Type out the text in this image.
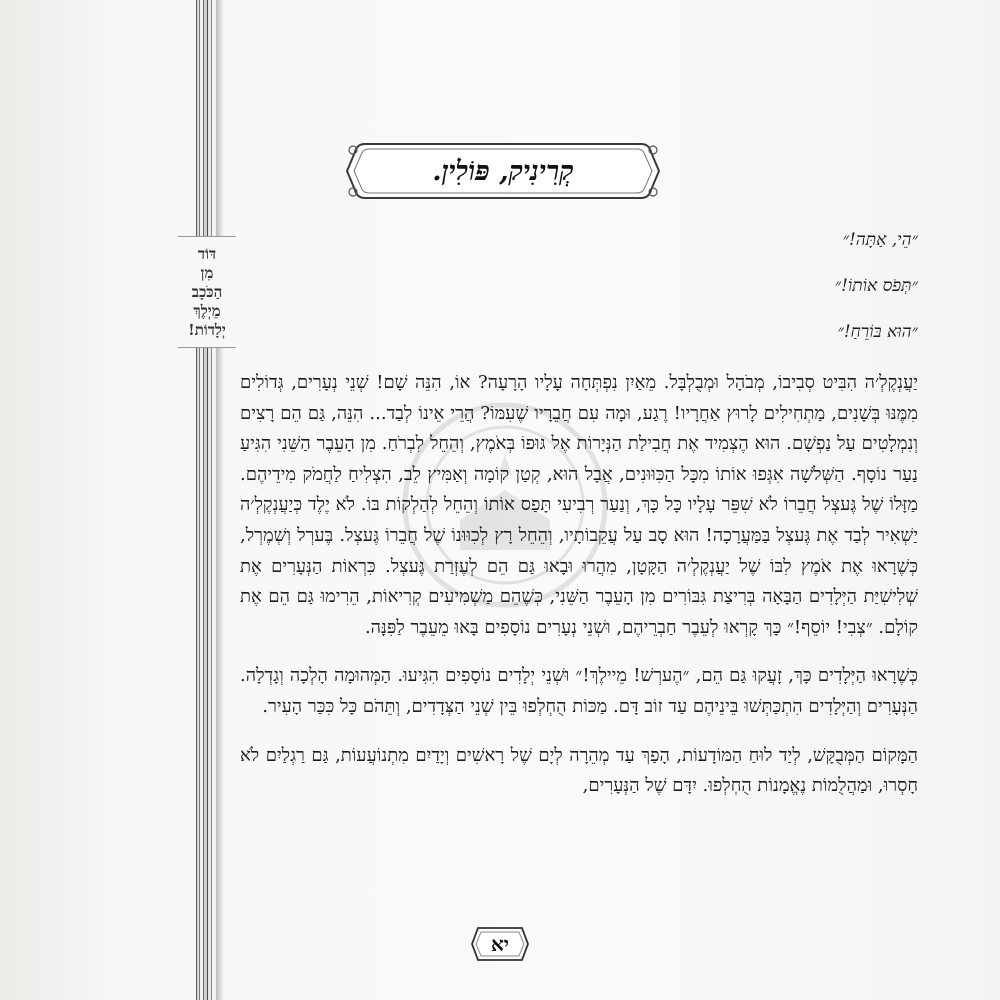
דּוֹד
מִן
הַכֹּכָב
מֵיְלֶךְ
יְלָדוֹת!
קְרִינִיק, פּוֹלִין.
״הֵי, אַתָּה!״
״תְּפֹס אוֹתוֹ!״
״הוּא בּוֹרֵחַ!״

יַעֲנְקֶלְ׳ה הִבִּיט סְבִיבוֹ, מְבֹהָל וּמְבֻלְבָּל. מֵאַיִן נִפְתְּחָה עָלָיו הָרָעָה? אוֹ, הִנֵּה שָׁם! שְׁנֵי נְעָרִים, גְּדוֹלִים מִמֶּנּוּ בְּשָׁנִים, מַתְחִילִים לָרוּץ אַחֲרָיו! רֶגַע, וּמָה עִם חֲבֵרָיו שֶׁעִמּוֹ? הֲרֵי אֵינוֹ לְבַד... הִנֵּה, גַּם הֵם רָצִים וְנִמְלָטִים עַל נַפְשָׁם. הוּא הֶצְמִיד אֶת חֲבִילַת הַנְּיָרוֹת אֶל גּוּפוֹ בְּאֹמֶץ, וְהֵחֵל לִבְרֹחַ. מִן הָעֵבֶר הַשֵּׁנִי הִגִּיעַ נַעַר נוֹסָף. הַשְּׁלֹשָׁה אִגְּפוּ אוֹתוֹ מִכָּל הַכִּוּוּנִים, אֲבָל הוּא, קְטַן קוֹמָה וְאַמִּיץ לֵב, הִצְלִיחַ לַחֲמֹק מִידֵיהֶם. מַזָּלוֹ שֶׁל גֶּעצְל חֲבֵרוֹ לֹא שִׁפֵּר עָלָיו כָּל כָּךְ, וְנַעַר רְבִיעִי תָּפַס אוֹתוֹ וְהֵחֵל לְהַלְקוֹת בּוֹ. לֹא יֶלֶד כְּיַעֲנְקֶלְ׳ה יַשְׁאִיר לְבַד אֶת גֶּעצְל בַּמַּעֲרָכָה! הוּא סָב עַל עֲקֵבוֹתָיו, וְהֵחֵל רָץ לְכִוּוּנוֹ שֶׁל חֲבֵרוֹ גֶּעצְל. בֶּערְל וְשְׁמֶרְל, כְּשֶׁרָאוּ אֶת אֹמֶץ לִבּוֹ שֶׁל יַעֲנְקֶלְ׳ה הַקָּטָן, מִהֲרוּ וּבָאוּ גַּם הֵם לְעֶזְרַת גֶּעצְל. כִּרְאוֹת הַנְּעָרִים אֶת שְׁלִישִׁיַּת הַיְּלָדִים הַבָּאָה בְּרִיצַת גִּבּוֹרִים מִן הָעֵבֶר הַשֵּׁנִי, כְּשֶׁהֵם מַשְׁמִיעִים קְרִיאוֹת, הֵרִימוּ גַּם הֵם אֶת קוֹלָם. ״צְבִי! יוֹסֵף!״ כָּךְ קָרְאוּ לְעֵבֶר חַבְרֵיהֶם, וּשְׁנֵי נְעָרִים נוֹסָפִים בָּאוּ מֵעֵבֶר לַפִּנָּה.

כְּשֶׁרָאוּ הַיְּלָדִים כָּךְ, זָעֲקוּ גַּם הֵם, ״הֶערְשׁ! מֵיילֶךְ!״ וּשְׁנֵי יְלָדִים נוֹסָפִים הִגִּיעוּ. הַמְּהוּמָה הָלְכָה וְגָדְלָה. הַנְּעָרִים וְהַיְּלָדִים הִתְכַּתְּשׁוּ בֵּינֵיהֶם עַד זוֹב דָּם. מַכּוֹת הֻחְלְפוּ בֵּין שְׁנֵי הַצְּדָדִים, וְתֵּהֹם כָּל כִּכַּר הָעִיר.

הַמָּקוֹם הַמְּבֻקָּשׁ, לְיַד לוּחַ הַמּוֹדָעוֹת, הָפַךְ עַד מְהֵרָה לְיָם שֶׁל רָאשִׁים וְיָדַיִם מִתְנוֹעֲעוֹת, גַּם רַגְלַיִם לֹא חָסְרוּ, וּמַהֲלֻמוֹת נֶאֱמָנוֹת הֻחְלְפוּ. יִדָּם שֶׁל הַנְּעָרִים,

יא
